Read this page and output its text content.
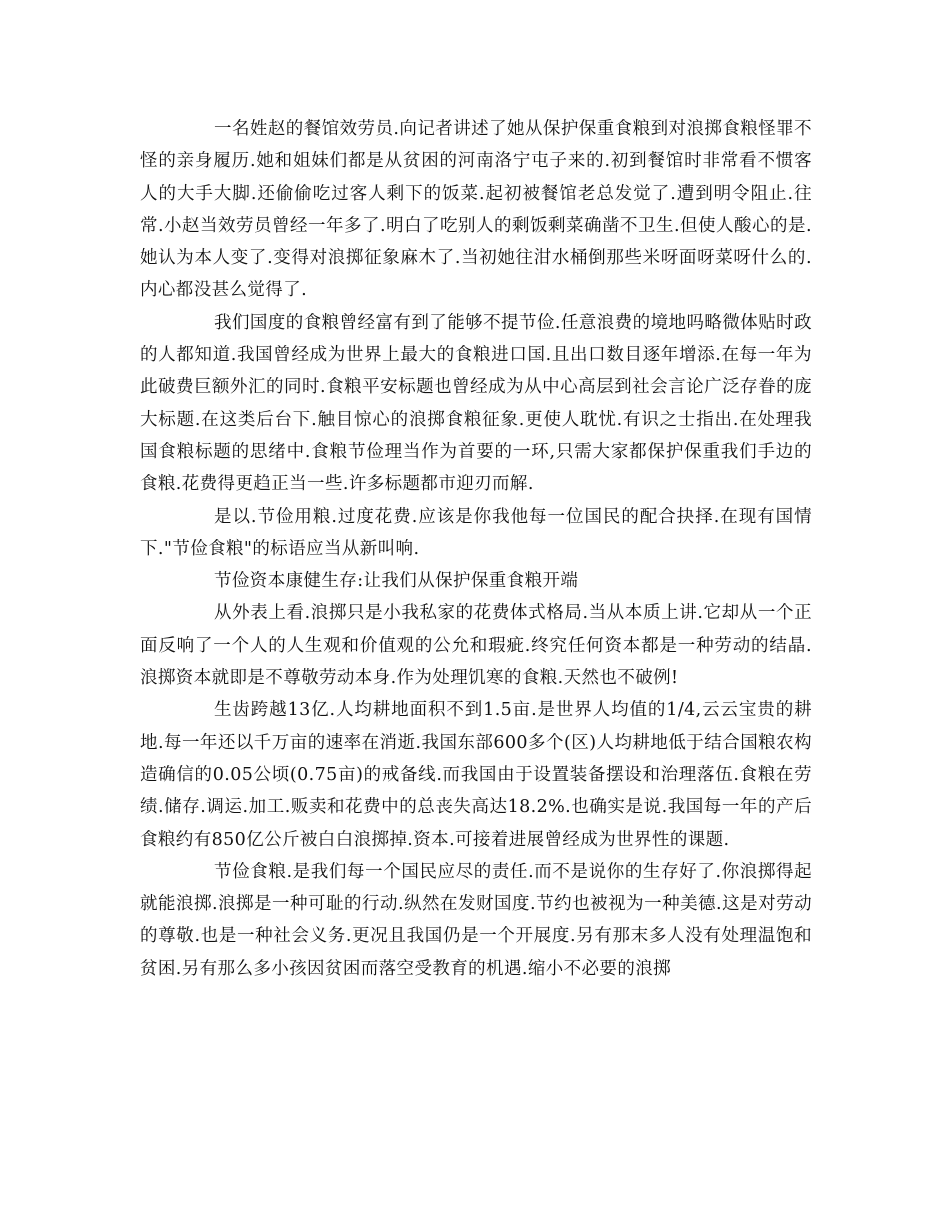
一名姓赵的餐馆效劳员.向记者讲述了她从保护保重食粮到对浪掷食粮怪罪不怪的亲身履历.她和姐妹们都是从贫困的河南洛宁屯子来的.初到餐馆时非常看不惯客人的大手大脚.还偷偷吃过客人剩下的饭菜.起初被餐馆老总发觉了.遭到明令阻止.往常.小赵当效劳员曾经一年多了.明白了吃别人的剩饭剩菜确凿不卫生.但使人酸心的是.她认为本人变了.变得对浪掷征象麻木了.当初她往泔水桶倒那些米呀面呀菜呀什么的.内心都没甚么觉得了.

我们国度的食粮曾经富有到了能够不提节俭.任意浪费的境地吗略微体贴时政的人都知道.我国曾经成为世界上最大的食粮进口国.且出口数目逐年增添.在每一年为此破费巨额外汇的同时.食粮平安标题也曾经成为从中心高层到社会言论广泛存眷的庞大标题.在这类后台下.触目惊心的浪掷食粮征象.更使人耽忧.有识之士指出.在处理我国食粮标题的思绪中.食粮节俭理当作为首要的一环,只需大家都保护保重我们手边的食粮.花费得更趋正当一些.许多标题都市迎刃而解.

是以.节俭用粮.过度花费.应该是你我他每一位国民的配合抉择.在现有国情下."节俭食粮"的标语应当从新叫响.

节俭资本康健生存:让我们从保护保重食粮开端

从外表上看.浪掷只是小我私家的花费体式格局.当从本质上讲.它却从一个正面反响了一个人的人生观和价值观的公允和瑕疵.终究任何资本都是一种劳动的结晶.浪掷资本就即是不尊敬劳动本身.作为处理饥寒的食粮.天然也不破例!

生齿跨越13亿.人均耕地面积不到1.5亩.是世界人均值的1/4,云云宝贵的耕地.每一年还以千万亩的速率在消逝.我国东部600多个(区)人均耕地低于结合国粮农构造确信的0.05公顷(0.75亩)的戒备线.而我国由于设置装备摆设和治理落伍.食粮在劳绩.储存.调运.加工.贩卖和花费中的总丧失高达18.2%.也确实是说.我国每一年的产后食粮约有850亿公斤被白白浪掷掉.资本.可接着进展曾经成为世界性的课题.

节俭食粮.是我们每一个国民应尽的责任.而不是说你的生存好了.你浪掷得起就能浪掷.浪掷是一种可耻的行动.纵然在发财国度.节约也被视为一种美德.这是对劳动的尊敬.也是一种社会义务.更况且我国仍是一个开展度.另有那末多人没有处理温饱和贫困.另有那么多小孩因贫困而落空受教育的机遇.缩小不必要的浪掷
